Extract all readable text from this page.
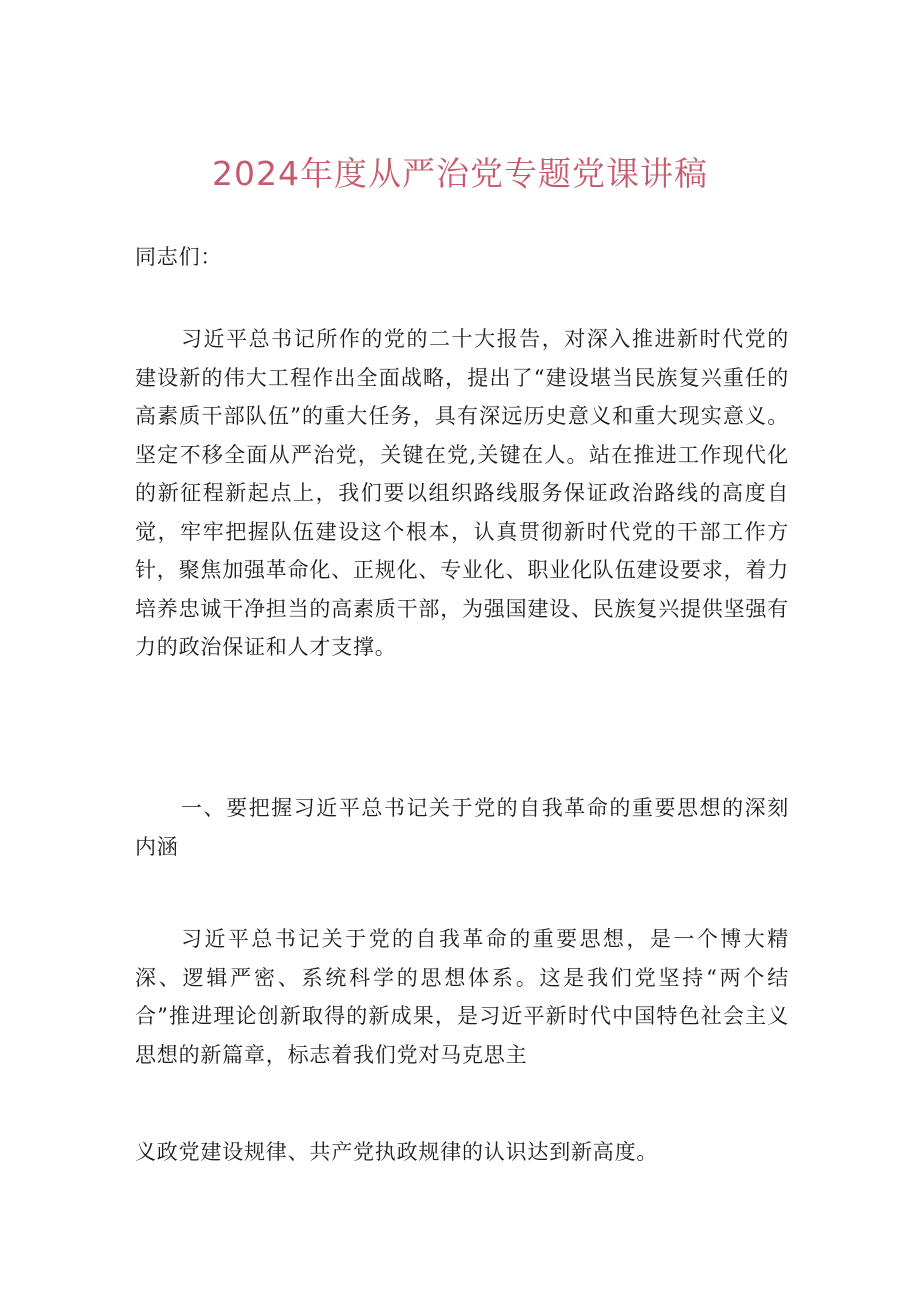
2024年度从严治党专题党课讲稿

同志们：

习近平总书记所作的党的二十大报告，对深入推进新时代党的建设新的伟大工程作出全面战略，提出了“建设堪当民族复兴重任的高素质干部队伍”的重大任务，具有深远历史意义和重大现实意义。坚定不移全面从严治党，关键在党,关键在人。站在推进工作现代化的新征程新起点上，我们要以组织路线服务保证政治路线的高度自觉，牢牢把握队伍建设这个根本，认真贯彻新时代党的干部工作方针，聚焦加强革命化、正规化、专业化、职业化队伍建设要求，着力培养忠诚干净担当的高素质干部，为强国建设、民族复兴提供坚强有力的政治保证和人才支撑。

一、要把握习近平总书记关于党的自我革命的重要思想的深刻内涵

习近平总书记关于党的自我革命的重要思想，是一个博大精深、逻辑严密、系统科学的思想体系。这是我们党坚持“两个结合”推进理论创新取得的新成果，是习近平新时代中国特色社会主义思想的新篇章，标志着我们党对马克思主

义政党建设规律、共产党执政规律的认识达到新高度。
